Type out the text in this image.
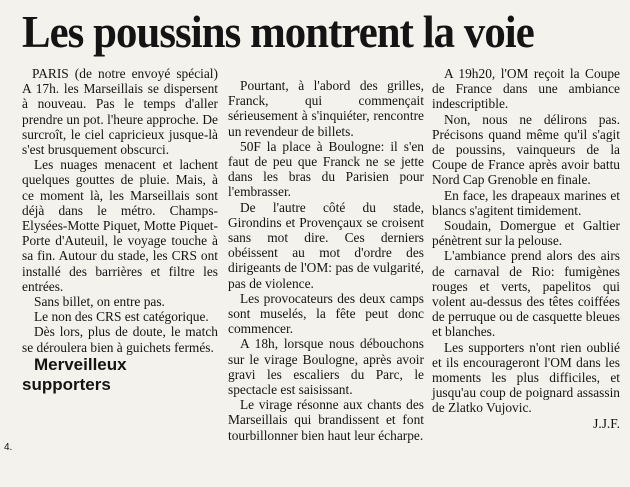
Les poussins montrent la voie

PARIS (de notre envoyé spécial) A 17h. les Marseillais se dispersent à nouveau. Pas le temps d'aller prendre un pot. l'heure approche. De surcroît, le ciel capricieux jusque-là s'est brusquement obscurci.

Les nuages menacent et lachent quelques gouttes de pluie. Mais, à ce moment là, les Marseillais sont déjà dans le métro. Champs-Elysées-Motte Piquet, Motte Piquet-Porte d'Auteuil, le voyage touche à sa fin. Autour du stade, les CRS ont installé des barrières et filtre les entrées.

Sans billet, on entre pas.

Le non des CRS est catégorique.

Dès lors, plus de doute, le match se déroulera bien à guichets fermés.

Merveilleux supporters

Pourtant, à l'abord des grilles, Franck, qui commençait sérieusement à s'inquiéter, rencontre un revendeur de billets.

50F la place à Boulogne: il s'en faut de peu que Franck ne se jette dans les bras du Parisien pour l'embrasser.

De l'autre côté du stade, Girondins et Provençaux se croisent sans mot dire. Ces derniers obéissent au mot d'ordre des dirigeants de l'OM: pas de vulgarité, pas de violence.

Les provocateurs des deux camps sont muselés, la fête peut donc commencer.

A 18h, lorsque nous débouchons sur le virage Boulogne, après avoir gravi les escaliers du Parc, le spectacle est saisissant.

Le virage résonne aux chants des Marseillais qui brandissent et font tourbillonner bien haut leur écharpe.

A 19h20, l'OM reçoit la Coupe de France dans une ambiance indescriptible.

Non, nous ne délirons pas. Précisons quand même qu'il s'agit de poussins, vainqueurs de la Coupe de France après avoir battu Nord Cap Grenoble en finale.

En face, les drapeaux marines et blancs s'agitent timidement.

Soudain, Domergue et Galtier pénètrent sur la pelouse.

L'ambiance prend alors des airs de carnaval de Rio: fumigènes rouges et verts, papelitos qui volent au-dessus des têtes coiffées de perruque ou de casquette bleues et blanches.

Les supporters n'ont rien oublié et ils encourageront l'OM dans les moments les plus difficiles, et jusqu'au coup de poignard assassin de Zlatko Vujovic.

J.J.F.

4.
